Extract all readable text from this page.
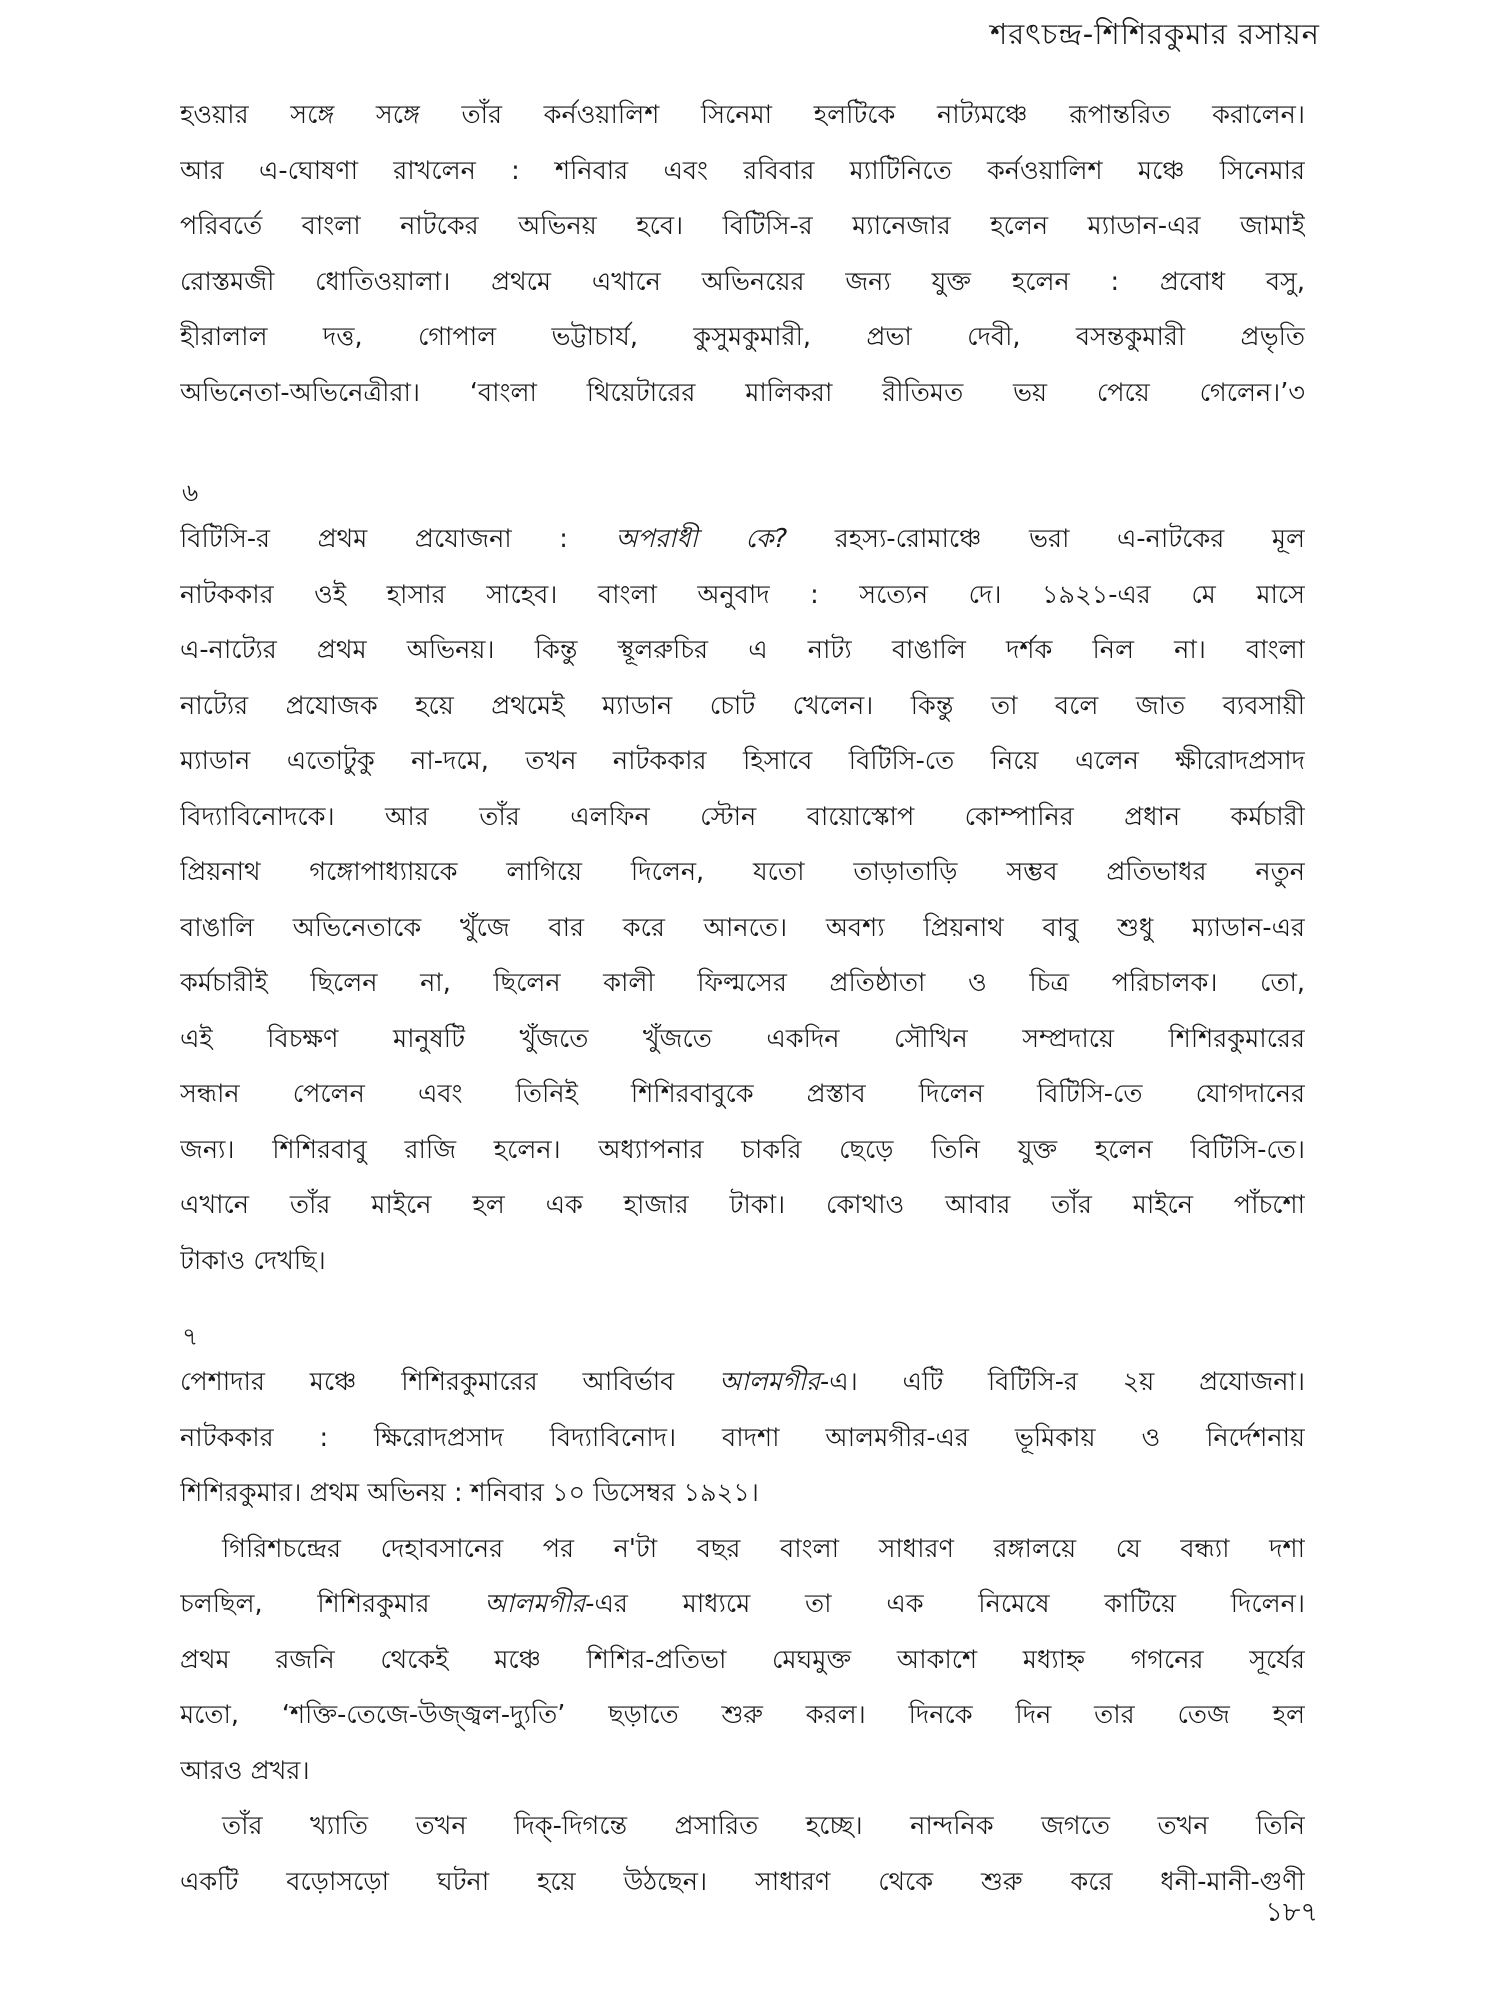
শরৎচন্দ্র-শিশিরকুমার রসায়ন
হওয়ার সঙ্গে সঙ্গে তাঁর কর্নওয়ালিশ সিনেমা হলটিকে নাট্যমঞ্চে রূপান্তরিত করালেন।
আর এ-ঘোষণা রাখলেন : শনিবার এবং রবিবার ম্যাটিনিতে কর্নওয়ালিশ মঞ্চে সিনেমার
পরিবর্তে বাংলা নাটকের অভিনয় হবে। বিটিসি-র ম্যানেজার হলেন ম্যাডান-এর জামাই
রোস্তমজী ধোতিওয়ালা। প্রথমে এখানে অভিনয়ের জন্য যুক্ত হলেন : প্রবোধ বসু,
হীরালাল দত্ত, গোপাল ভট্টাচার্য, কুসুমকুমারী, প্রভা দেবী, বসন্তকুমারী প্রভৃতি
অভিনেতা-অভিনেত্রীরা। ‘বাংলা থিয়েটারের মালিকরা রীতিমত ভয় পেয়ে গেলেন।’৩
৬
বিটিসি-র প্রথম প্রযোজনা : অপরাধী কে? রহস্য-রোমাঞ্চে ভরা এ-নাটকের মূল
নাটককার ওই হাসার সাহেব। বাংলা অনুবাদ : সত্যেন দে। ১৯২১-এর মে মাসে
এ-নাট্যের প্রথম অভিনয়। কিন্তু স্থূলরুচির এ নাট্য বাঙালি দর্শক নিল না। বাংলা
নাট্যের প্রযোজক হয়ে প্রথমেই ম্যাডান চোট খেলেন। কিন্তু তা বলে জাত ব্যবসায়ী
ম্যাডান এতোটুকু না-দমে, তখন নাটককার হিসাবে বিটিসি-তে নিয়ে এলেন ক্ষীরোদপ্রসাদ
বিদ্যাবিনোদকে। আর তাঁর এলফিন স্টোন বায়োস্কোপ কোম্পানির প্রধান কর্মচারী
প্রিয়নাথ গঙ্গোপাধ্যায়কে লাগিয়ে দিলেন, যতো তাড়াতাড়ি সম্ভব প্রতিভাধর নতুন
বাঙালি অভিনেতাকে খুঁজে বার করে আনতে। অবশ্য প্রিয়নাথ বাবু শুধু ম্যাডান-এর
কর্মচারীই ছিলেন না, ছিলেন কালী ফিল্মসের প্রতিষ্ঠাতা ও চিত্র পরিচালক। তো,
এই বিচক্ষণ মানুষটি খুঁজতে খুঁজতে একদিন সৌখিন সম্প্রদায়ে শিশিরকুমারের
সন্ধান পেলেন এবং তিনিই শিশিরবাবুকে প্রস্তাব দিলেন বিটিসি-তে যোগদানের
জন্য। শিশিরবাবু রাজি হলেন। অধ্যাপনার চাকরি ছেড়ে তিনি যুক্ত হলেন বিটিসি-তে।
এখানে তাঁর মাইনে হল এক হাজার টাকা। কোথাও আবার তাঁর মাইনে পাঁচশো
টাকাও দেখছি।
৭
পেশাদার মঞ্চে শিশিরকুমারের আবির্ভাব আলমগীর-এ। এটি বিটিসি-র ২য় প্রযোজনা।
নাটককার : ক্ষিরোদপ্রসাদ বিদ্যাবিনোদ। বাদশা আলমগীর-এর ভূমিকায় ও নির্দেশনায়
শিশিরকুমার। প্রথম অভিনয় : শনিবার ১০ ডিসেম্বর ১৯২১।
গিরিশচন্দ্রের দেহাবসানের পর ন'টা বছর বাংলা সাধারণ রঙ্গালয়ে যে বন্ধ্যা দশা
চলছিল, শিশিরকুমার আলমগীর-এর মাধ্যমে তা এক নিমেষে কাটিয়ে দিলেন।
প্রথম রজনি থেকেই মঞ্চে শিশির-প্রতিভা মেঘমুক্ত আকাশে মধ্যাহ্ন গগনের সূর্যের
মতো, ‘শক্তি-তেজে-উজ্জ্বল-দ্যুতি’ ছড়াতে শুরু করল। দিনকে দিন তার তেজ হল
আরও প্রখর।
তাঁর খ্যাতি তখন দিক্-দিগন্তে প্রসারিত হচ্ছে। নান্দনিক জগতে তখন তিনি
একটি বড়োসড়ো ঘটনা হয়ে উঠছেন। সাধারণ থেকে শুরু করে ধনী-মানী-গুণী
১৮৭
